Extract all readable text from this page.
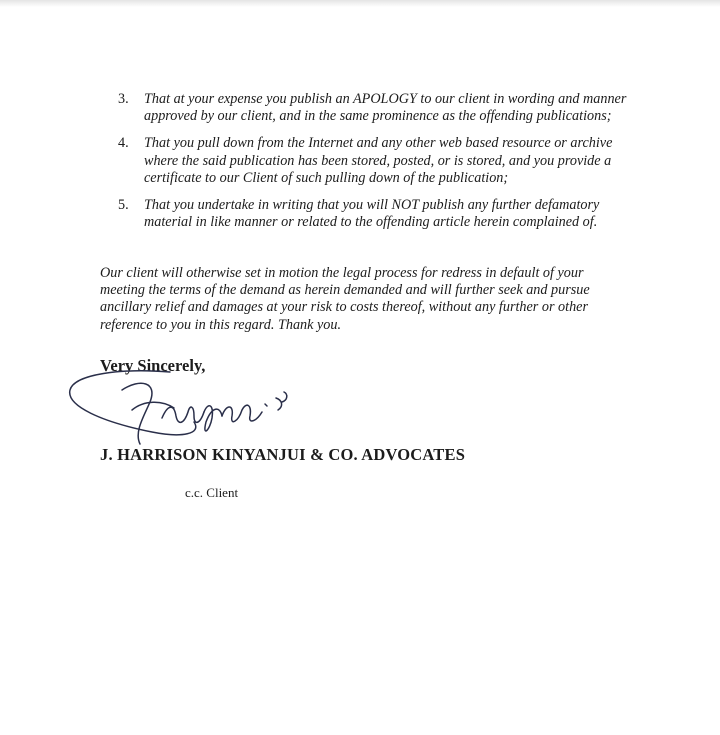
3. That at your expense you publish an APOLOGY to our client in wording and manner approved by our client, and in the same prominence as the offending publications;
4. That you pull down from the Internet and any other web based resource or archive where the said publication has been stored, posted, or is stored, and you provide a certificate to our Client of such pulling down of the publication;
5. That you undertake in writing that you will NOT publish any further defamatory material in like manner or related to the offending article herein complained of.

Our client will otherwise set in motion the legal process for redress in default of your meeting the terms of the demand as herein demanded and will further seek and pursue ancillary relief and damages at your risk to costs thereof, without any further or other reference to you in this regard. Thank you.

Very Sincerely,

J. HARRISON KINYANJUI & CO. ADVOCATES

c.c. Client
